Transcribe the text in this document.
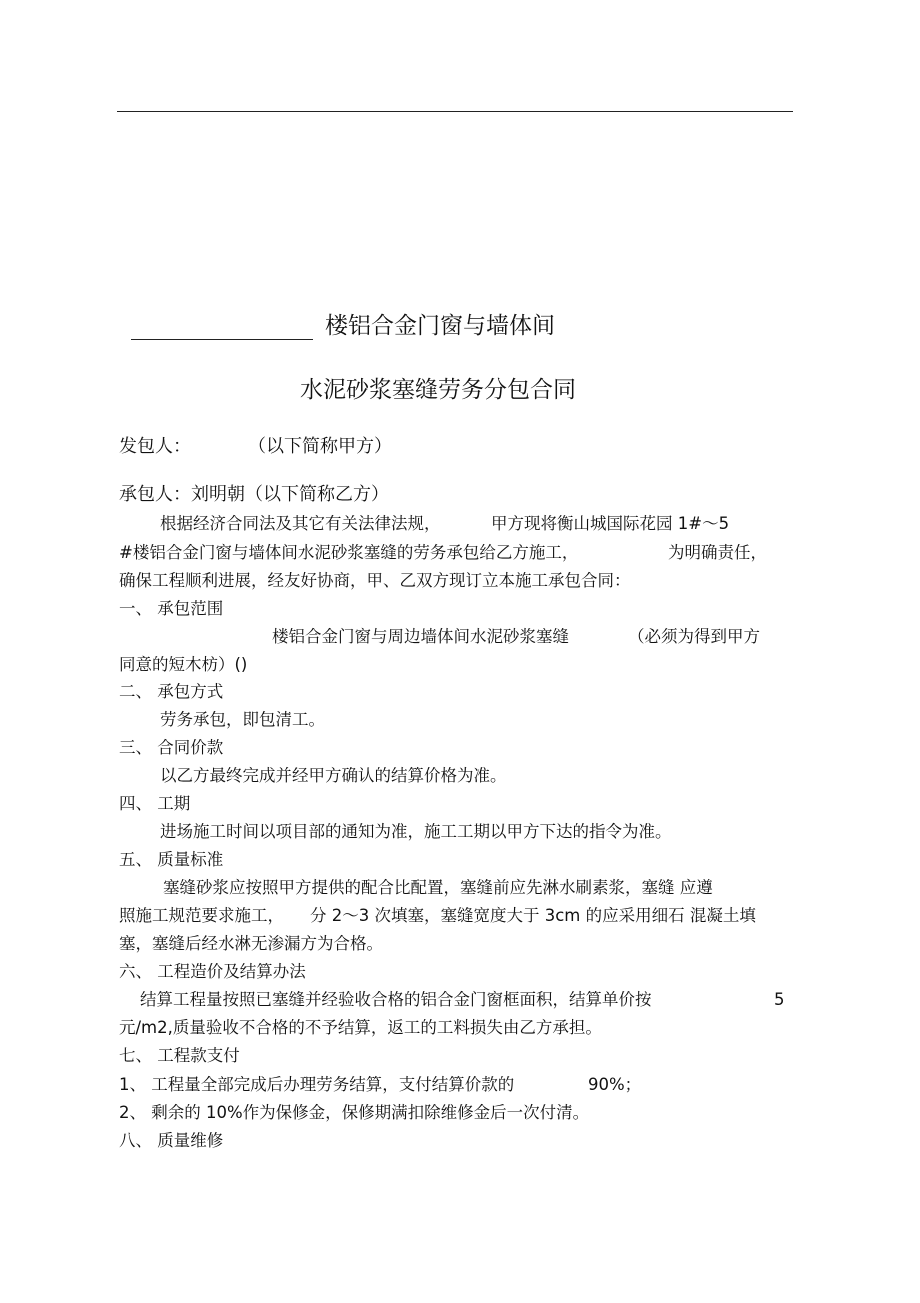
楼铝合金门窗与墙体间
水泥砂浆塞缝劳务分包合同
发包人：	（以下简称甲方）
承包人：刘明朝（以下简称乙方）
根据经济合同法及其它有关法律法规，	甲方现将衡山城国际花园 1#～5
#楼铝合金门窗与墙体间水泥砂浆塞缝的劳务承包给乙方施工，	为明确责任，
确保工程顺利进展，经友好协商，甲、乙双方现订立本施工承包合同：
一、 承包范围
楼铝合金门窗与周边墙体间水泥砂浆塞缝	（必须为得到甲方
同意的短木枋）()
二、 承包方式
劳务承包，即包清工。
三、 合同价款
以乙方最终完成并经甲方确认的结算价格为准。
四、 工期
进场施工时间以项目部的通知为准，施工工期以甲方下达的指令为准。
五、 质量标准
塞缝砂浆应按照甲方提供的配合比配置，塞缝前应先淋水刷素浆，塞缝 应遵
照施工规范要求施工， 分 2～3 次填塞，塞缝宽度大于 3cm 的应采用细石 混凝土填
塞，塞缝后经水淋无渗漏方为合格。
六、 工程造价及结算办法
结算工程量按照已塞缝并经验收合格的铝合金门窗框面积，结算单价按	5
元/m2,质量验收不合格的不予结算，返工的工料损失由乙方承担。
七、 工程款支付
1、 工程量全部完成后办理劳务结算，支付结算价款的	90%；
2、 剩余的 10%作为保修金，保修期满扣除维修金后一次付清。
八、 质量维修
